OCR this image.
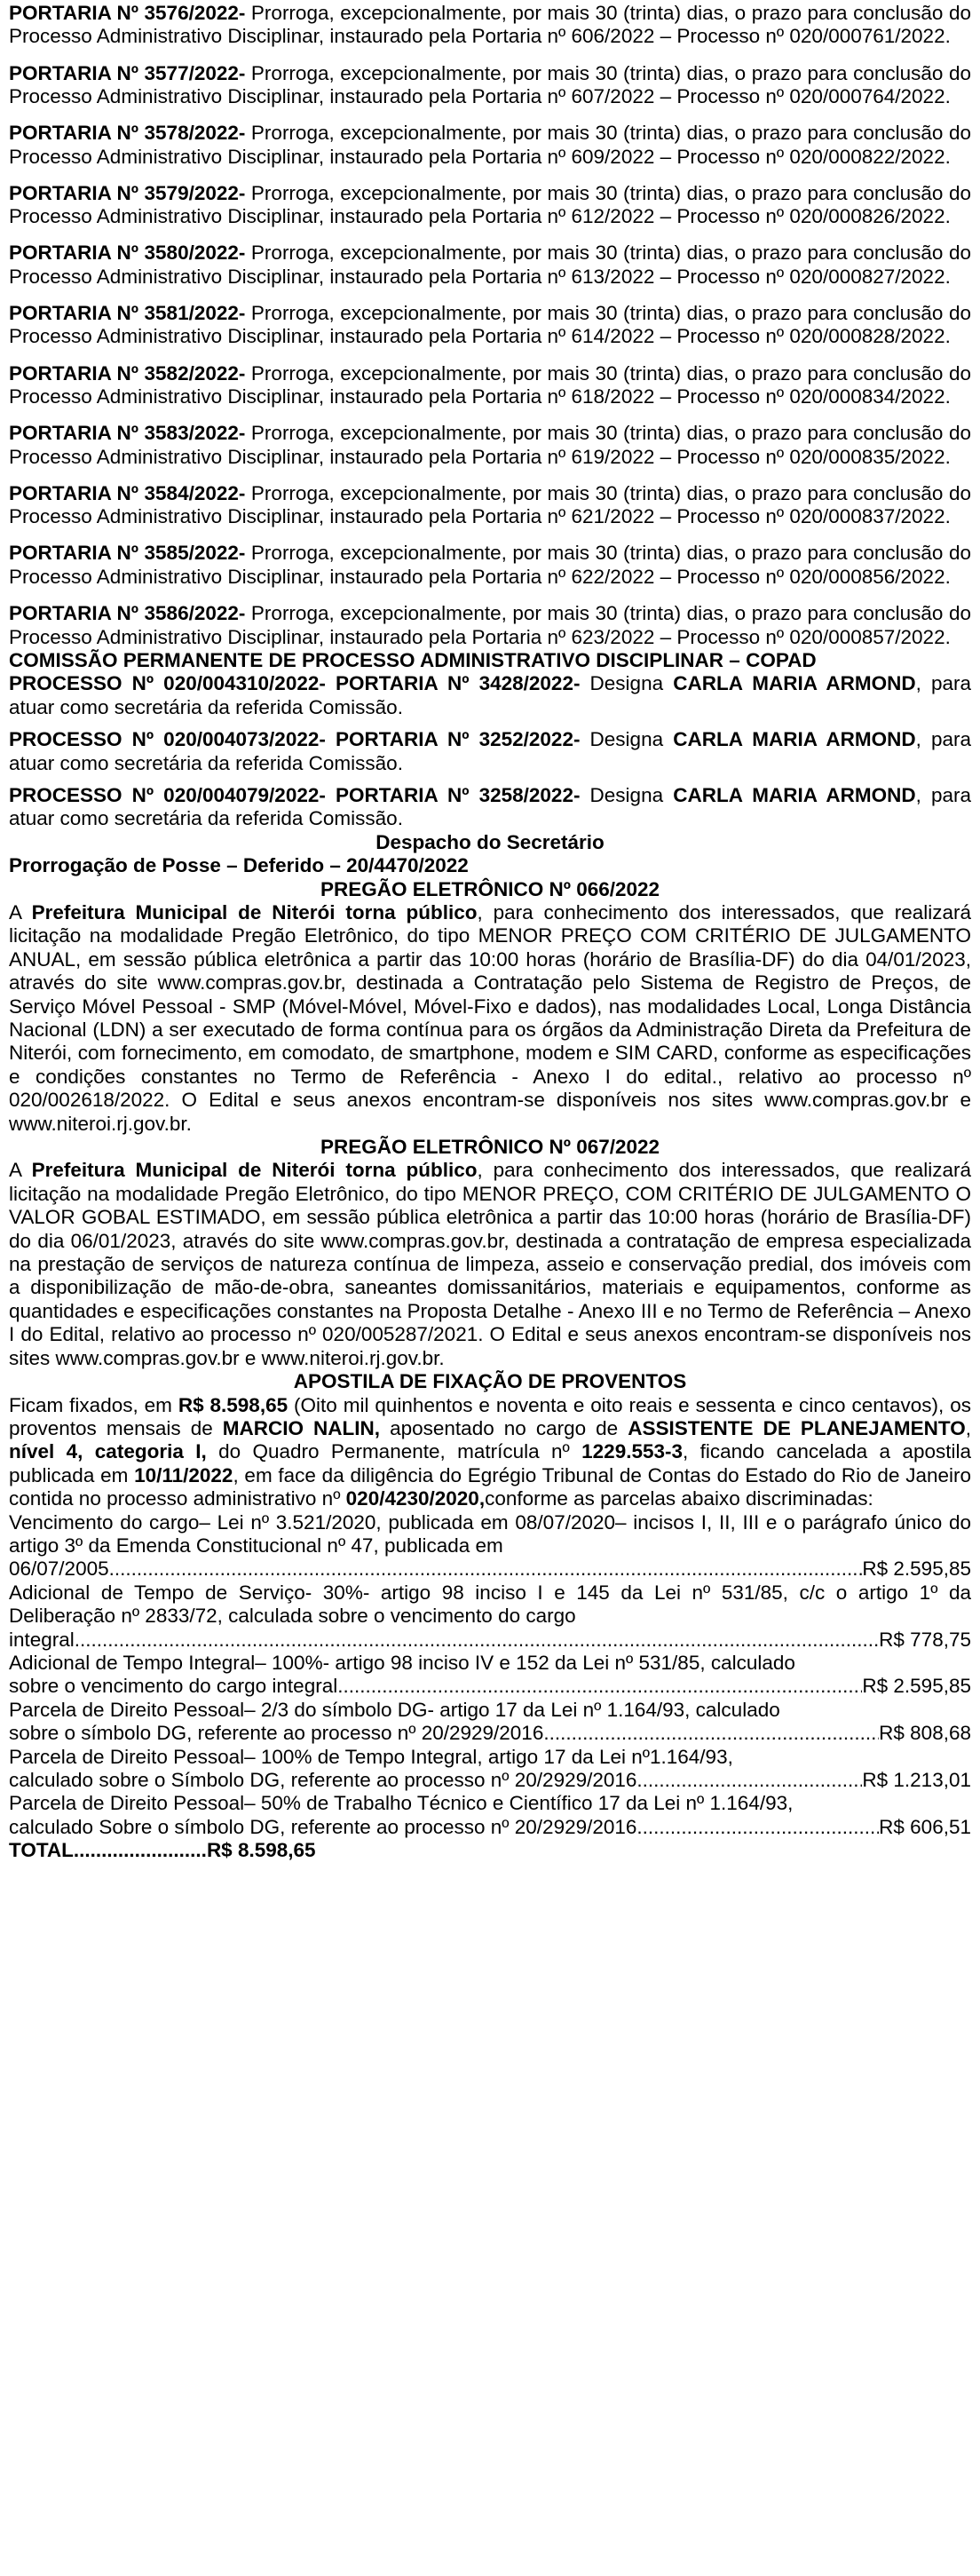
PORTARIA Nº 3576/2022- Prorroga, excepcionalmente, por mais 30 (trinta) dias, o prazo para conclusão do Processo Administrativo Disciplinar, instaurado pela Portaria nº 606/2022 – Processo nº 020/000761/2022.

PORTARIA Nº 3577/2022- Prorroga, excepcionalmente, por mais 30 (trinta) dias, o prazo para conclusão do Processo Administrativo Disciplinar, instaurado pela Portaria nº 607/2022 – Processo nº 020/000764/2022.

PORTARIA Nº 3578/2022- Prorroga, excepcionalmente, por mais 30 (trinta) dias, o prazo para conclusão do Processo Administrativo Disciplinar, instaurado pela Portaria nº 609/2022 – Processo nº 020/000822/2022.

PORTARIA Nº 3579/2022- Prorroga, excepcionalmente, por mais 30 (trinta) dias, o prazo para conclusão do Processo Administrativo Disciplinar, instaurado pela Portaria nº 612/2022 – Processo nº 020/000826/2022.

PORTARIA Nº 3580/2022- Prorroga, excepcionalmente, por mais 30 (trinta) dias, o prazo para conclusão do Processo Administrativo Disciplinar, instaurado pela Portaria nº 613/2022 – Processo nº 020/000827/2022.

PORTARIA Nº 3581/2022- Prorroga, excepcionalmente, por mais 30 (trinta) dias, o prazo para conclusão do Processo Administrativo Disciplinar, instaurado pela Portaria nº 614/2022 – Processo nº 020/000828/2022.

PORTARIA Nº 3582/2022- Prorroga, excepcionalmente, por mais 30 (trinta) dias, o prazo para conclusão do Processo Administrativo Disciplinar, instaurado pela Portaria nº 618/2022 – Processo nº 020/000834/2022.

PORTARIA Nº 3583/2022- Prorroga, excepcionalmente, por mais 30 (trinta) dias, o prazo para conclusão do Processo Administrativo Disciplinar, instaurado pela Portaria nº 619/2022 – Processo nº 020/000835/2022.

PORTARIA Nº 3584/2022- Prorroga, excepcionalmente, por mais 30 (trinta) dias, o prazo para conclusão do Processo Administrativo Disciplinar, instaurado pela Portaria nº 621/2022 – Processo nº 020/000837/2022.

PORTARIA Nº 3585/2022- Prorroga, excepcionalmente, por mais 30 (trinta) dias, o prazo para conclusão do Processo Administrativo Disciplinar, instaurado pela Portaria nº 622/2022 – Processo nº 020/000856/2022.

PORTARIA Nº 3586/2022- Prorroga, excepcionalmente, por mais 30 (trinta) dias, o prazo para conclusão do Processo Administrativo Disciplinar, instaurado pela Portaria nº 623/2022 – Processo nº 020/000857/2022.

COMISSÃO PERMANENTE DE PROCESSO ADMINISTRATIVO DISCIPLINAR – COPAD

PROCESSO Nº 020/004310/2022- PORTARIA Nº 3428/2022- Designa CARLA MARIA ARMOND, para atuar como secretária da referida Comissão.

PROCESSO Nº 020/004073/2022- PORTARIA Nº 3252/2022- Designa CARLA MARIA ARMOND, para atuar como secretária da referida Comissão.

PROCESSO Nº 020/004079/2022- PORTARIA Nº 3258/2022- Designa CARLA MARIA ARMOND, para atuar como secretária da referida Comissão.

Despacho do Secretário

Prorrogação de Posse – Deferido – 20/4470/2022

PREGÃO ELETRÔNICO Nº 066/2022

A Prefeitura Municipal de Niterói torna público, para conhecimento dos interessados, que realizará licitação na modalidade Pregão Eletrônico, do tipo MENOR PREÇO COM CRITÉRIO DE JULGAMENTO ANUAL, em sessão pública eletrônica a partir das 10:00 horas (horário de Brasília-DF) do dia 04/01/2023, através do site www.compras.gov.br, destinada a Contratação pelo Sistema de Registro de Preços, de Serviço Móvel Pessoal - SMP (Móvel-Móvel, Móvel-Fixo e dados), nas modalidades Local, Longa Distância Nacional (LDN) a ser executado de forma contínua para os órgãos da Administração Direta da Prefeitura de Niterói, com fornecimento, em comodato, de smartphone, modem e SIM CARD, conforme as especificações e condições constantes no Termo de Referência - Anexo I do edital., relativo ao processo nº 020/002618/2022. O Edital e seus anexos encontram-se disponíveis nos sites www.compras.gov.br e www.niteroi.rj.gov.br.

PREGÃO ELETRÔNICO Nº 067/2022

A Prefeitura Municipal de Niterói torna público, para conhecimento dos interessados, que realizará licitação na modalidade Pregão Eletrônico, do tipo MENOR PREÇO, COM CRITÉRIO DE JULGAMENTO O VALOR GOBAL ESTIMADO, em sessão pública eletrônica a partir das 10:00 horas (horário de Brasília-DF) do dia 06/01/2023, através do site www.compras.gov.br, destinada a contratação de empresa especializada na prestação de serviços de natureza contínua de limpeza, asseio e conservação predial, dos imóveis com a disponibilização de mão-de-obra, saneantes domissanitários, materiais e equipamentos, conforme as quantidades e especificações constantes na Proposta Detalhe - Anexo III e no Termo de Referência – Anexo I do Edital, relativo ao processo nº 020/005287/2021. O Edital e seus anexos encontram-se disponíveis nos sites www.compras.gov.br e www.niteroi.rj.gov.br.

APOSTILA DE FIXAÇÃO DE PROVENTOS

Ficam fixados, em R$ 8.598,65 (Oito mil quinhentos e noventa e oito reais e sessenta e cinco centavos), os proventos mensais de MARCIO NALIN, aposentado no cargo de ASSISTENTE DE PLANEJAMENTO, nível 4, categoria I, do Quadro Permanente, matrícula nº 1229.553-3, ficando cancelada a apostila publicada em 10/11/2022, em face da diligência do Egrégio Tribunal de Contas do Estado do Rio de Janeiro contida no processo administrativo nº 020/4230/2020,conforme as parcelas abaixo discriminadas:

Vencimento do cargo– Lei nº 3.521/2020, publicada em 08/07/2020– incisos I, II, III e o parágrafo único do artigo 3º da Emenda Constitucional nº 47, publicada em

06/07/2005 .....	R$ 2.595,85

Adicional de Tempo de Serviço- 30%- artigo 98 inciso I e 145 da Lei nº 531/85, c/c o artigo 1º da Deliberação nº 2833/72, calculada sobre o vencimento do cargo

integral .....	R$ 778,75

Adicional de Tempo Integral– 100%- artigo 98 inciso IV e 152 da Lei nº 531/85, calculado

sobre o vencimento do cargo integral .....	R$ 2.595,85

Parcela de Direito Pessoal– 2/3 do símbolo DG- artigo 17 da Lei nº 1.164/93, calculado

sobre o símbolo DG, referente ao processo nº 20/2929/2016 .....	R$ 808,68

Parcela de Direito Pessoal– 100% de Tempo Integral, artigo 17 da Lei nº1.164/93,

calculado sobre o Símbolo DG, referente ao processo nº 20/2929/2016 .....	R$ 1.213,01

Parcela de Direito Pessoal– 50% de Trabalho Técnico e Científico 17 da Lei nº 1.164/93,

calculado Sobre o símbolo DG, referente ao processo nº 20/2929/2016 .....	R$ 606,51

TOTAL........................R$ 8.598,65
